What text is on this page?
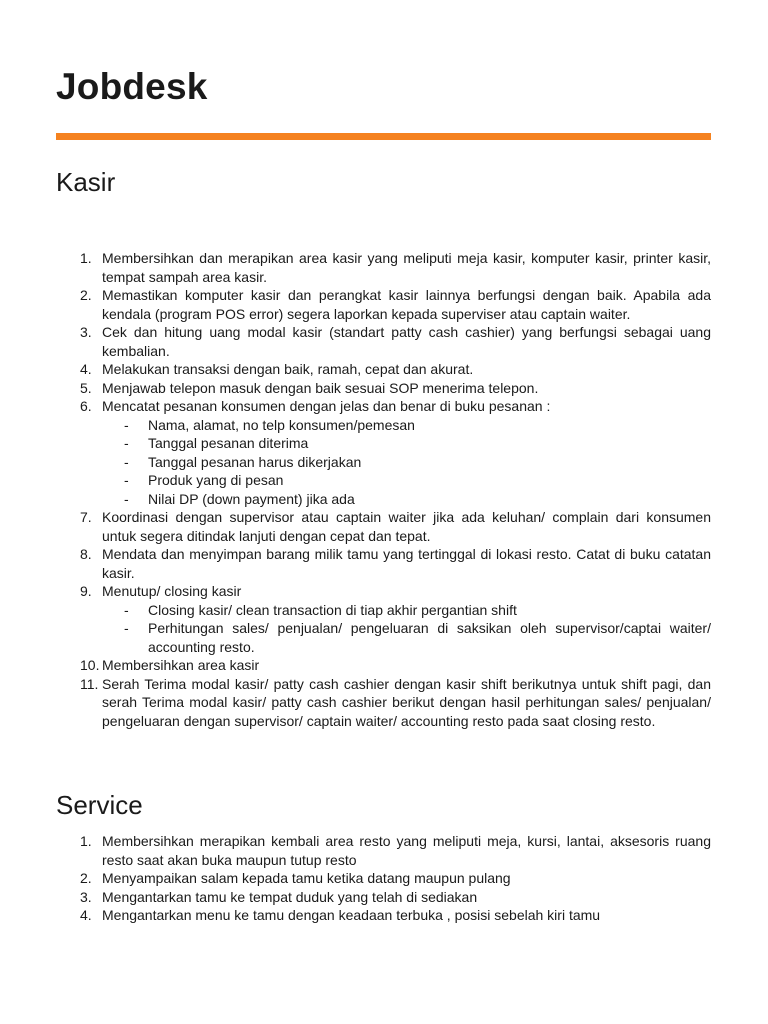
Jobdesk
Kasir
1. Membersihkan dan merapikan area kasir yang meliputi meja kasir, komputer kasir, printer kasir, tempat sampah area kasir.
2. Memastikan komputer kasir dan perangkat kasir lainnya berfungsi dengan baik. Apabila ada kendala (program POS error) segera laporkan kepada superviser atau captain waiter.
3. Cek dan hitung uang modal kasir (standart patty cash cashier) yang berfungsi sebagai uang kembalian.
4. Melakukan transaksi dengan baik, ramah, cepat dan akurat.
5. Menjawab telepon masuk dengan baik sesuai SOP menerima telepon.
6. Mencatat pesanan konsumen dengan jelas dan benar di buku pesanan :
-	Nama, alamat, no telp konsumen/pemesan
-	Tanggal pesanan diterima
-	Tanggal pesanan harus dikerjakan
-	Produk yang di pesan
-	Nilai DP (down payment) jika ada
7. Koordinasi dengan supervisor atau captain waiter jika ada keluhan/ complain dari konsumen untuk segera ditindak lanjuti dengan cepat dan tepat.
8. Mendata dan menyimpan barang milik tamu yang tertinggal di lokasi resto. Catat di buku catatan kasir.
9. Menutup/ closing kasir
-	Closing kasir/ clean transaction di tiap akhir pergantian shift
-	Perhitungan sales/ penjualan/ pengeluaran di saksikan oleh supervisor/captai waiter/ accounting resto.
10. Membersihkan area kasir
11. Serah Terima modal kasir/ patty cash cashier dengan kasir shift berikutnya untuk shift pagi, dan serah Terima modal kasir/ patty cash cashier berikut dengan hasil perhitungan sales/ penjualan/ pengeluaran dengan supervisor/ captain waiter/ accounting resto pada saat closing resto.
Service
1. Membersihkan merapikan kembali area resto yang meliputi meja, kursi, lantai, aksesoris ruang resto saat akan buka maupun tutup resto
2. Menyampaikan salam kepada tamu ketika datang maupun pulang
3. Mengantarkan tamu ke tempat duduk yang telah di sediakan
4. Mengantarkan menu ke tamu dengan keadaan terbuka , posisi sebelah kiri tamu
